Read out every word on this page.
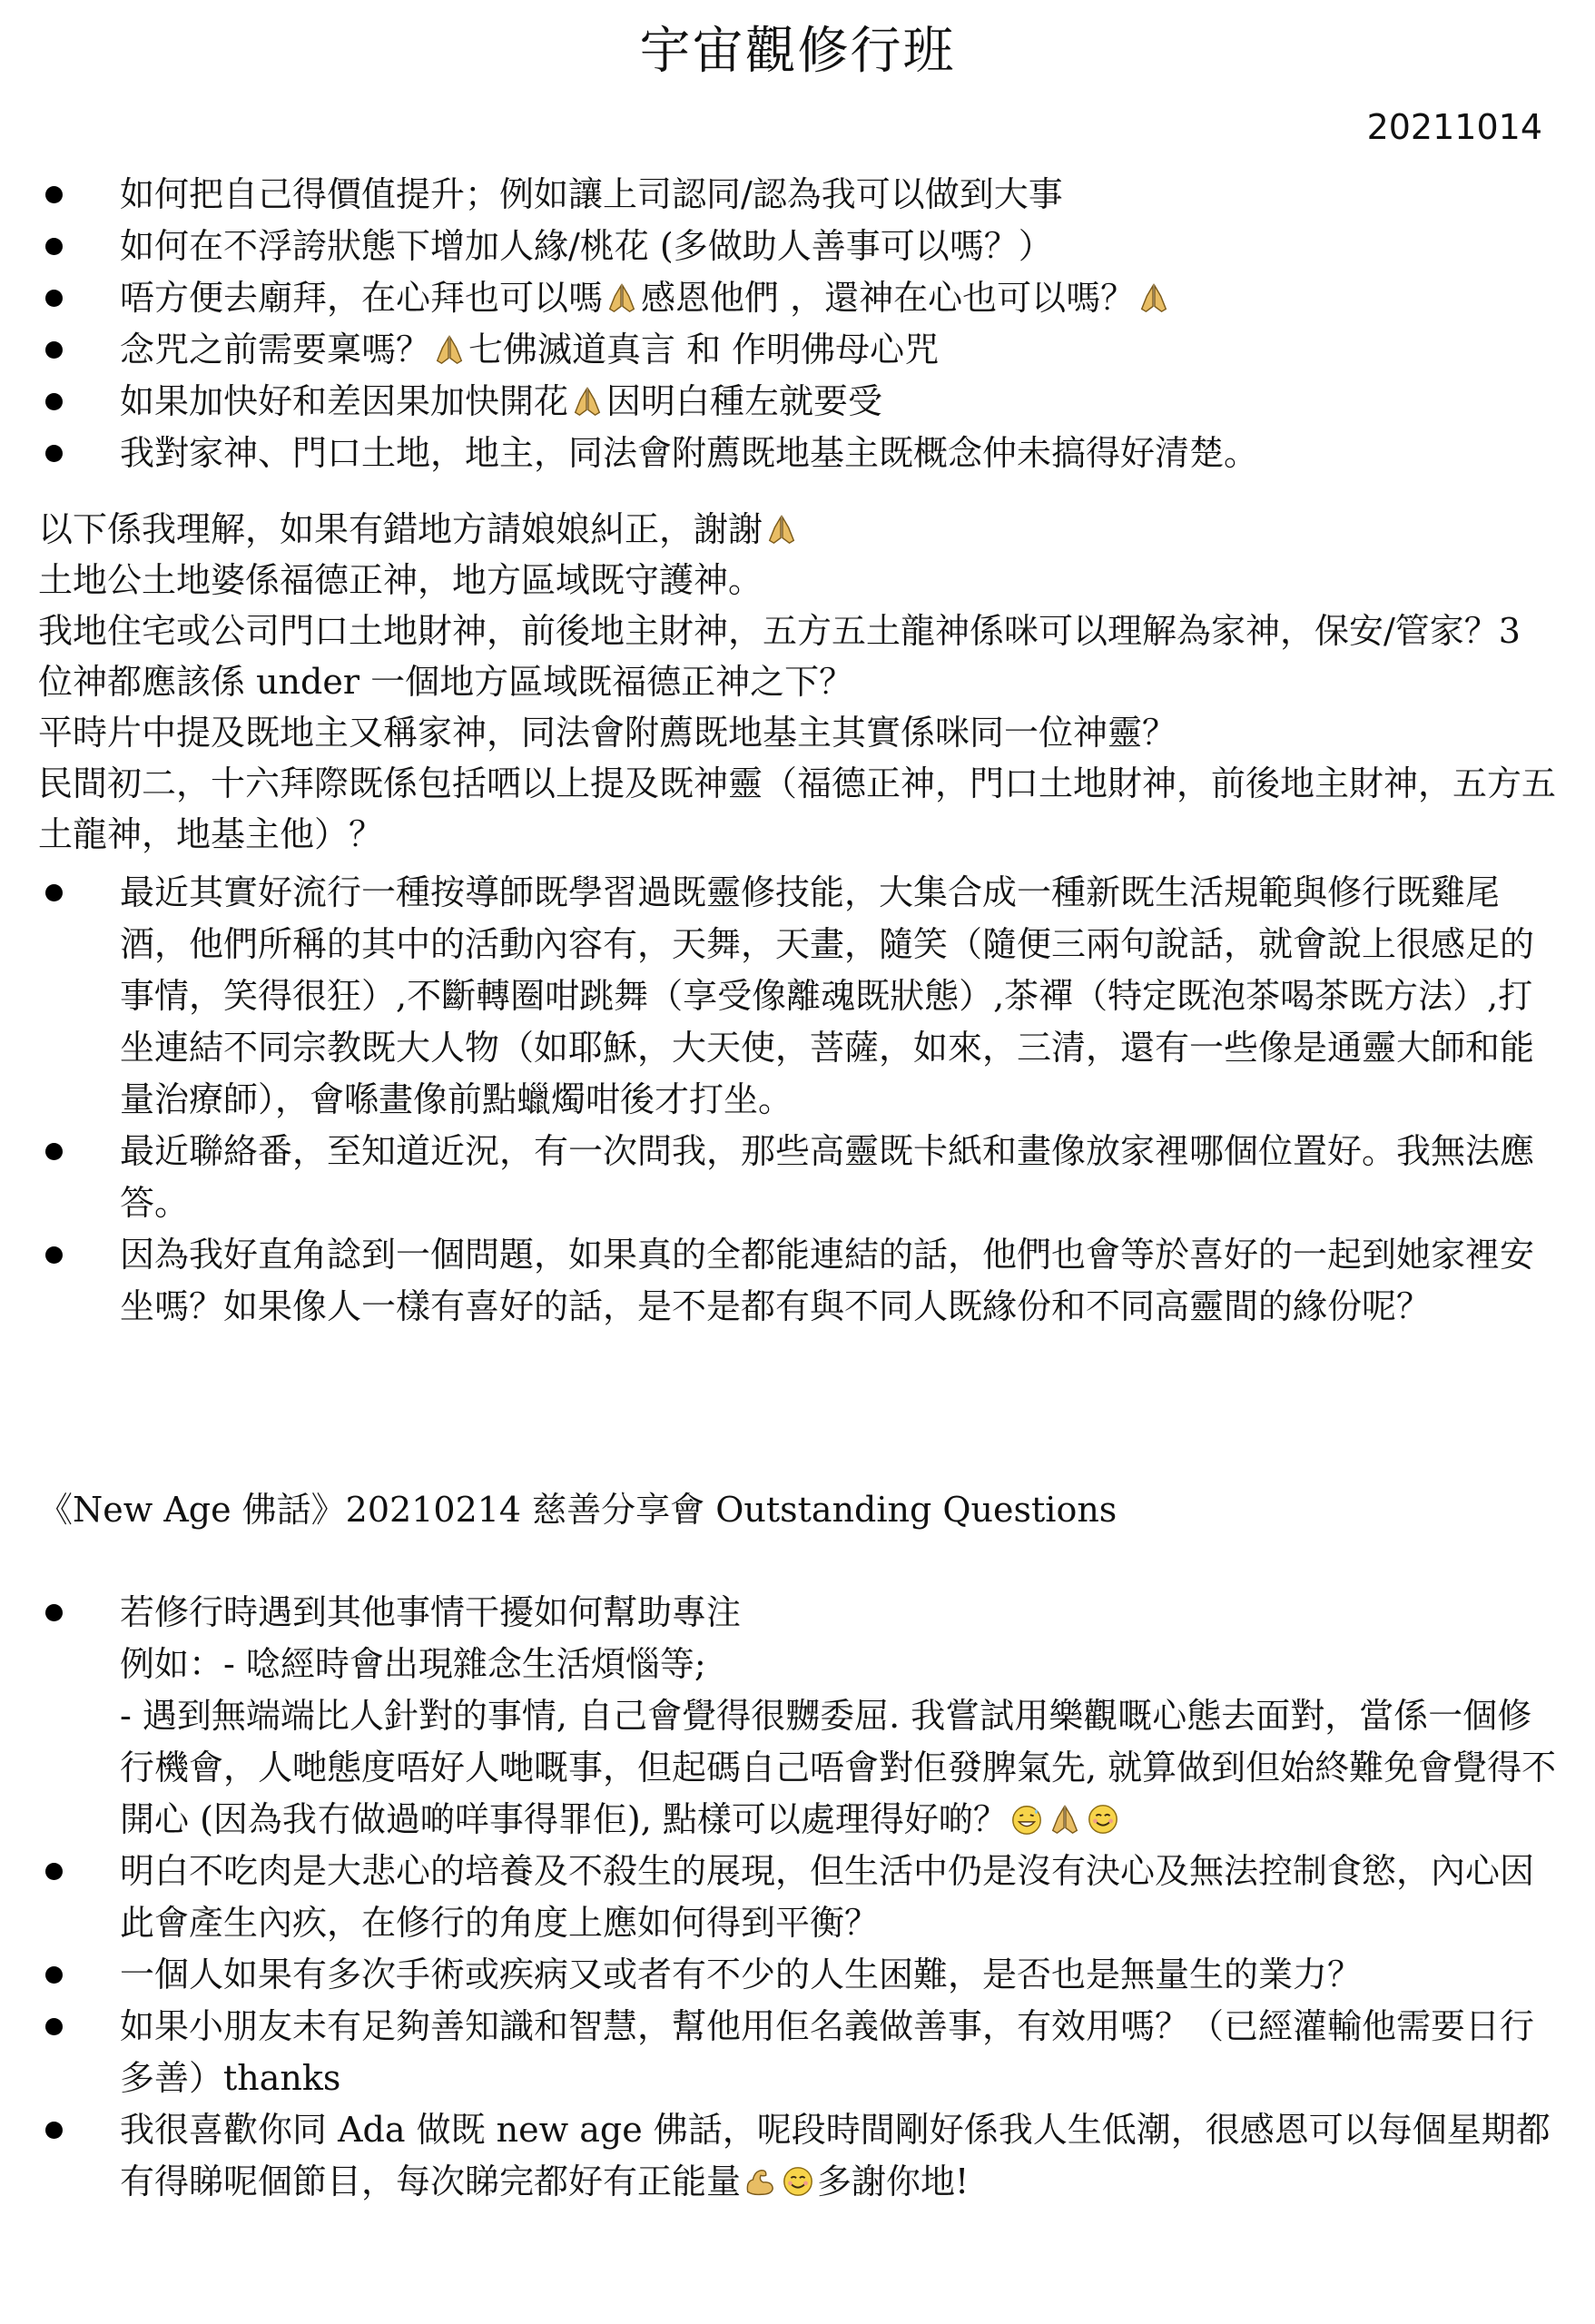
宇宙觀修行班
20211014
如何把自己得價值提升；例如讓上司認同/認為我可以做到大事
如何在不浮誇狀態下增加人緣/桃花 (多做助人善事可以嗎？）
唔方便去廟拜，在心拜也可以嗎 感恩他們 ，還神在心也可以嗎？
念咒之前需要稟嗎？ 七佛滅道真言 和 作明佛母心咒
如果加快好和差因果加快開花 因明白種左就要受
我對家神、門口土地，地主，同法會附薦既地基主既概念仲未搞得好清楚。

以下係我理解，如果有錯地方請娘娘糾正，謝謝

土地公土地婆係福德正神，地方區域既守護神。

我地住宅或公司門口土地財神，前後地主財神，五方五土龍神係咪可以理解為家神，保安/管家？3 位神都應該係 under 一個地方區域既福德正神之下？

平時片中提及既地主又稱家神，同法會附薦既地基主其實係咪同一位神靈？

民間初二，十六拜際既係包括哂以上提及既神靈（福德正神，門口土地財神，前後地主財神，五方五土龍神，地基主他）？

最近其實好流行一種按導師既學習過既靈修技能，大集合成一種新既生活規範與修行既雞尾酒，他們所稱的其中的活動內容有，天舞，天畫，隨笑（隨便三兩句說話，就會說上很感足的事情，笑得很狂）,不斷轉圈咁跳舞（享受像離魂既狀態）,茶禪（特定既泡茶喝茶既方法）,打坐連結不同宗教既大人物（如耶穌，大天使，菩薩，如來，三清，還有一些像是通靈大師和能量治療師），會喺畫像前點蠟燭咁後才打坐。
最近聯絡番，至知道近況，有一次問我，那些高靈既卡紙和畫像放家裡哪個位置好。我無法應答。
因為我好直角諗到一個問題，如果真的全都能連結的話，他們也會等於喜好的一起到她家裡安坐嗎？如果像人一樣有喜好的話，是不是都有與不同人既緣份和不同高靈間的緣份呢？

《New Age 佛話》20210214 慈善分享會 Outstanding Questions

若修行時遇到其他事情干擾如何幫助專注
例如：- 唸經時會出現雜念生活煩惱等;
- 遇到無端端比人針對的事情, 自己會覺得很嬲委屈. 我嘗試用樂觀嘅心態去面對，當係一個修行機會，人哋態度唔好人哋嘅事，但起碼自己唔會對佢發脾氣先, 就算做到但始終難免會覺得不開心 (因為我冇做過啲咩事得罪佢), 點樣可以處理得好啲？
明白不吃肉是大悲心的培養及不殺生的展現，但生活中仍是沒有決心及無法控制食慾，內心因此會產生內疚，在修行的角度上應如何得到平衡？
一個人如果有多次手術或疾病又或者有不少的人生困難，是否也是無量生的業力？
如果小朋友未有足夠善知識和智慧，幫他用佢名義做善事，有效用嗎？（已經灌輸他需要日行多善）thanks
我很喜歡你同 Ada 做既 new age 佛話，呢段時間剛好係我人生低潮，很感恩可以每個星期都有得睇呢個節目，每次睇完都好有正能量 多謝你地!
